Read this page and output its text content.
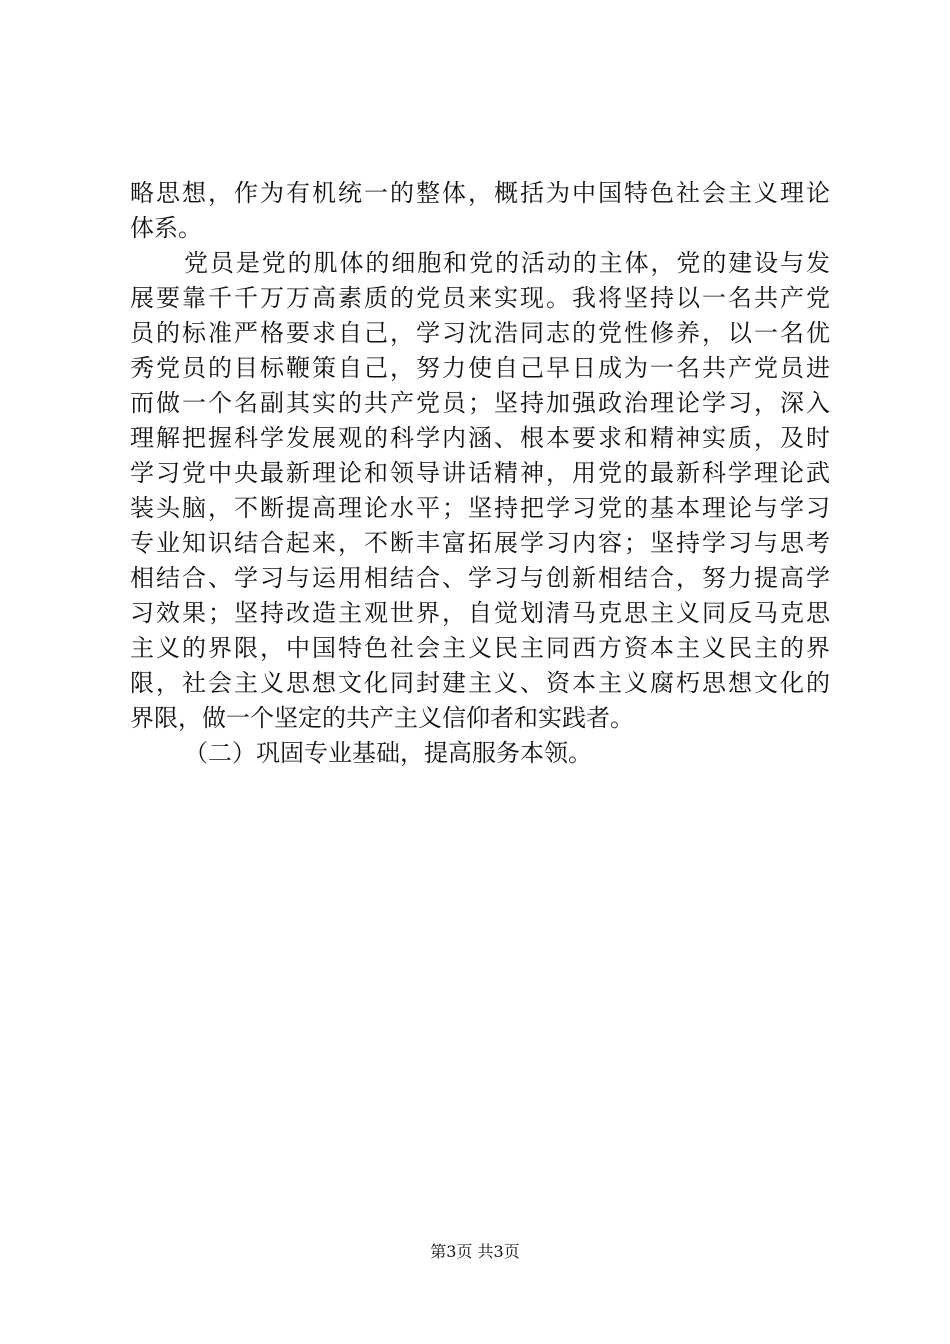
略思想，作为有机统一的整体，概括为中国特色社会主义理论
体系。
党员是党的肌体的细胞和党的活动的主体，党的建设与发
展要靠千千万万高素质的党员来实现。我将坚持以一名共产党
员的标准严格要求自己，学习沈浩同志的党性修养，以一名优
秀党员的目标鞭策自己，努力使自己早日成为一名共产党员进
而做一个名副其实的共产党员；坚持加强政治理论学习，深入
理解把握科学发展观的科学内涵、根本要求和精神实质，及时
学习党中央最新理论和领导讲话精神，用党的最新科学理论武
装头脑，不断提高理论水平；坚持把学习党的基本理论与学习
专业知识结合起来，不断丰富拓展学习内容；坚持学习与思考
相结合、学习与运用相结合、学习与创新相结合，努力提高学
习效果；坚持改造主观世界，自觉划清马克思主义同反马克思
主义的界限，中国特色社会主义民主同西方资本主义民主的界
限，社会主义思想文化同封建主义、资本主义腐朽思想文化的
界限，做一个坚定的共产主义信仰者和实践者。
（二）巩固专业基础，提高服务本领。
第3页 共3页
